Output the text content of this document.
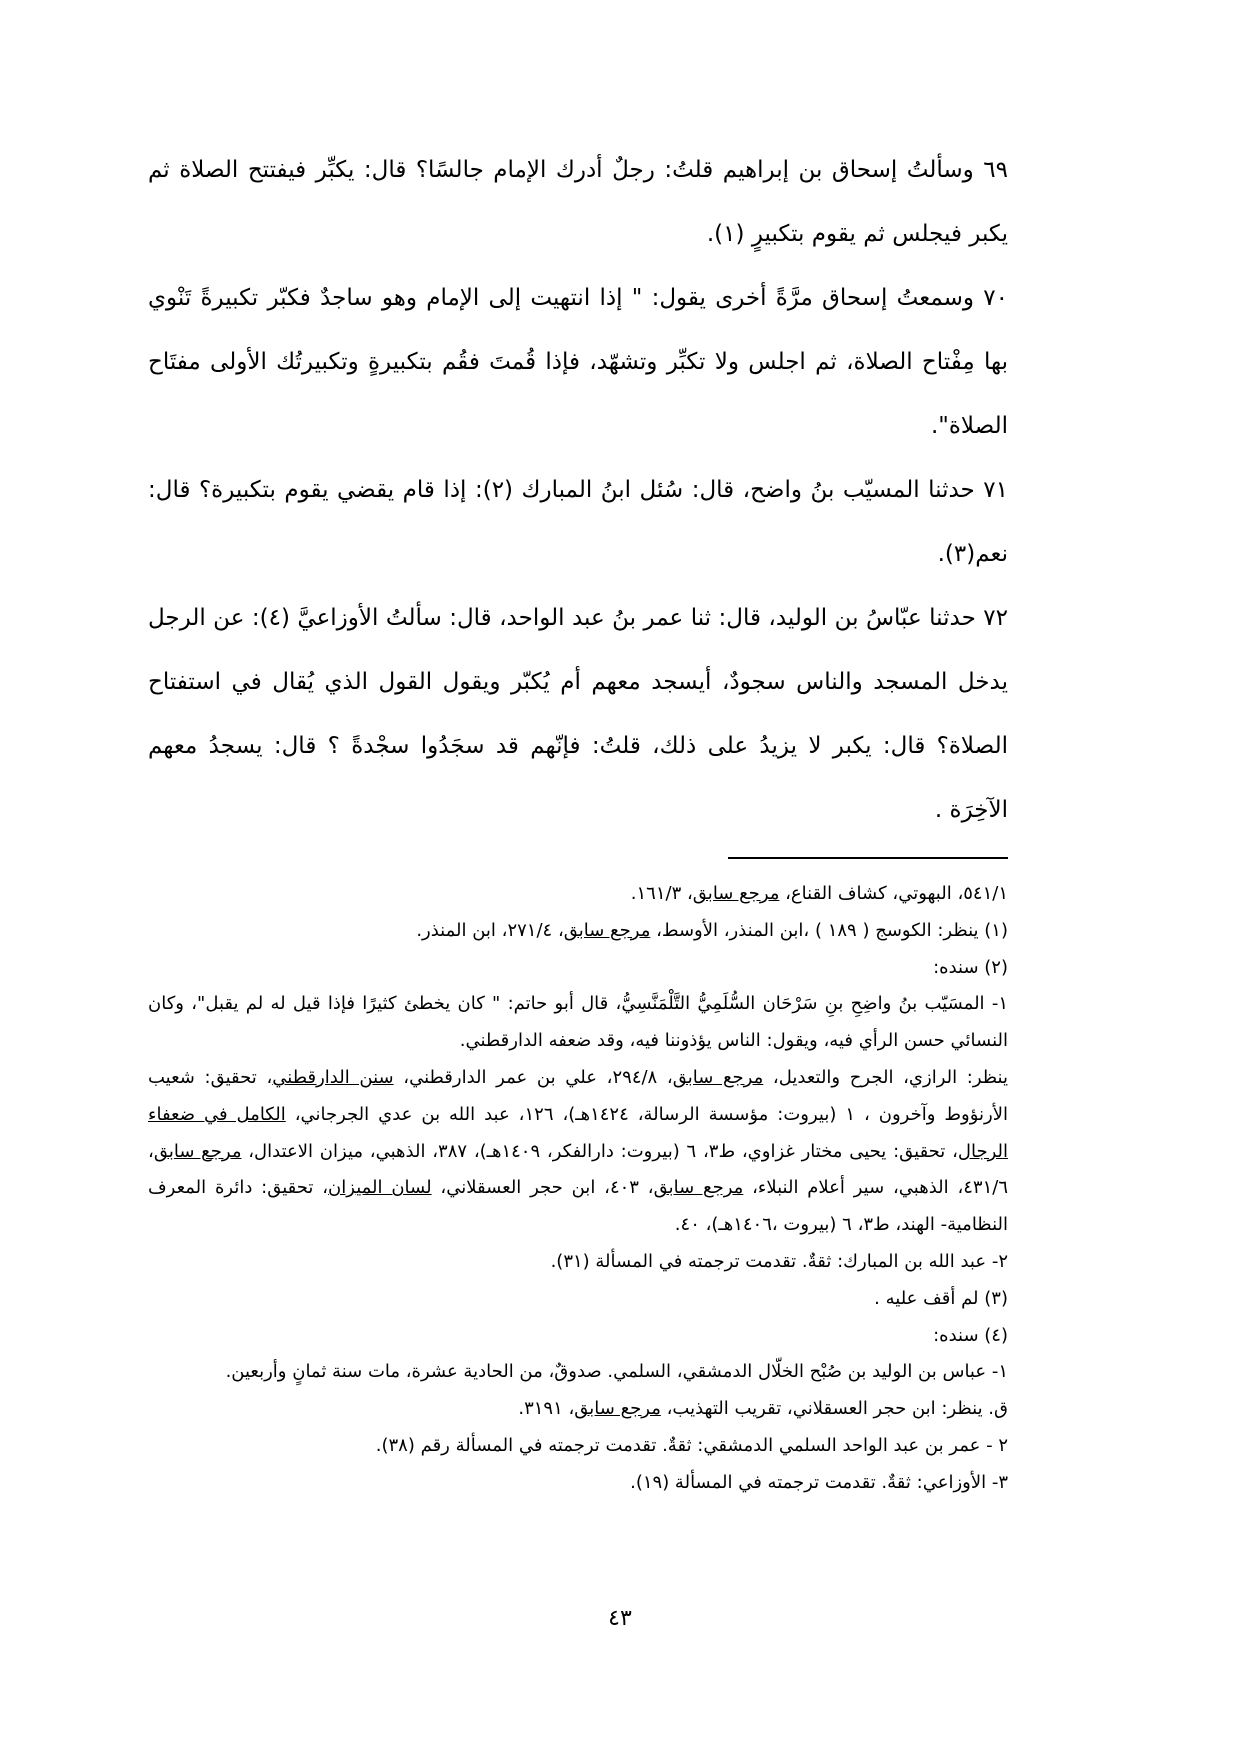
٦٩ وسألتُ إسحاق بن إبراهيم قلتُ: رجلٌ أدرك الإمام جالسًا؟ قال: يكبِّر فيفتتح الصلاة ثم يكبر فيجلس ثم يقوم بتكبيرٍ (١).

٧٠ وسمعتُ إسحاق مرَّةً أخرى يقول: " إذا انتهيت إلى الإمام وهو ساجدٌ فكبّر تكبيرةً تَنْوي بها مِفْتاح الصلاة، ثم اجلس ولا تكبِّر وتشهّد، فإذا قُمتَ فقُم بتكبيرةٍ وتكبيرتُك الأولى مفتَاح الصلاة".

٧١ حدثنا المسيّب بنُ واضح، قال: سُئل ابنُ المبارك (٢): إذا قام يقضي يقوم بتكبيرة؟ قال: نعم(٣).

٧٢ حدثنا عبّاسُ بن الوليد، قال: ثنا عمر بنُ عبد الواحد، قال: سألتُ الأوزاعيَّ (٤): عن الرجل يدخل المسجد والناس سجودٌ، أيسجد معهم أم يُكبّر ويقول القول الذي يُقال في استفتاح الصلاة؟ قال: يكبر لا يزيدُ على ذلك، قلتُ: فإنّهم قد سجَدُوا سجْدةً ؟ قال: يسجدُ معهم الآخِرَة .

٥٤١/١، البهوتي، كشاف القناع، مرجع سابق، ١٦١/٣.

(١) ينظر: الكوسج ( ١٨٩ ) ،ابن المنذر، الأوسط، مرجع سابق، ٢٧١/٤، ابن المنذر.

(٢) سنده:

١- المسَيّب بنُ واضِحِ بنِ سَرْحَان السُّلَمِيُّ التَّلْمَنَّسِيُّ، قال أبو حاتم: " كان يخطئ كثيرًا فإذا قيل له لم يقبل"، وكان النسائي حسن الرأي فيه، ويقول: الناس يؤذوننا فيه، وقد ضعفه الدارقطني.

ينظر: الرازي، الجرح والتعديل، مرجع سابق، ٢٩٤/٨، علي بن عمر الدارقطني، سنن الدارقطني، تحقيق: شعيب الأرنؤوط وآخرون ، ١ (بيروت: مؤسسة الرسالة، ١٤٢٤هـ)، ١٢٦، عبد الله بن عدي الجرجاني، الكامل في ضعفاء الرجال، تحقيق: يحيى مختار غزاوي، ط٣، ٦ (بيروت: دارالفكر، ١٤٠٩هـ)، ٣٨٧، الذهبي، ميزان الاعتدال، مرجع سابق، ٤٣١/٦، الذهبي، سير أعلام النبلاء، مرجع سابق، ٤٠٣، ابن حجر العسقلاني، لسان الميزان، تحقيق: دائرة المعرف النظامية- الهند، ط٣، ٦ (بيروت ،١٤٠٦هـ)، ٤٠.

٢- عبد الله بن المبارك: ثقةٌ. تقدمت ترجمته في المسألة (٣١).

(٣) لم أقف عليه .

(٤) سنده:

١- عباس بن الوليد بن صُبْح الخلّال الدمشقي، السلمي. صدوقٌ، من الحادية عشرة، مات سنة ثمانٍ وأربعين.

ق. ينظر: ابن حجر العسقلاني، تقريب التهذيب، مرجع سابق، ٣١٩١.

٢ - عمر بن عبد الواحد السلمي الدمشقي: ثقةٌ. تقدمت ترجمته في المسألة رقم (٣٨).

٣- الأوزاعي: ثقةٌ. تقدمت ترجمته في المسألة (١٩).

٤٣
